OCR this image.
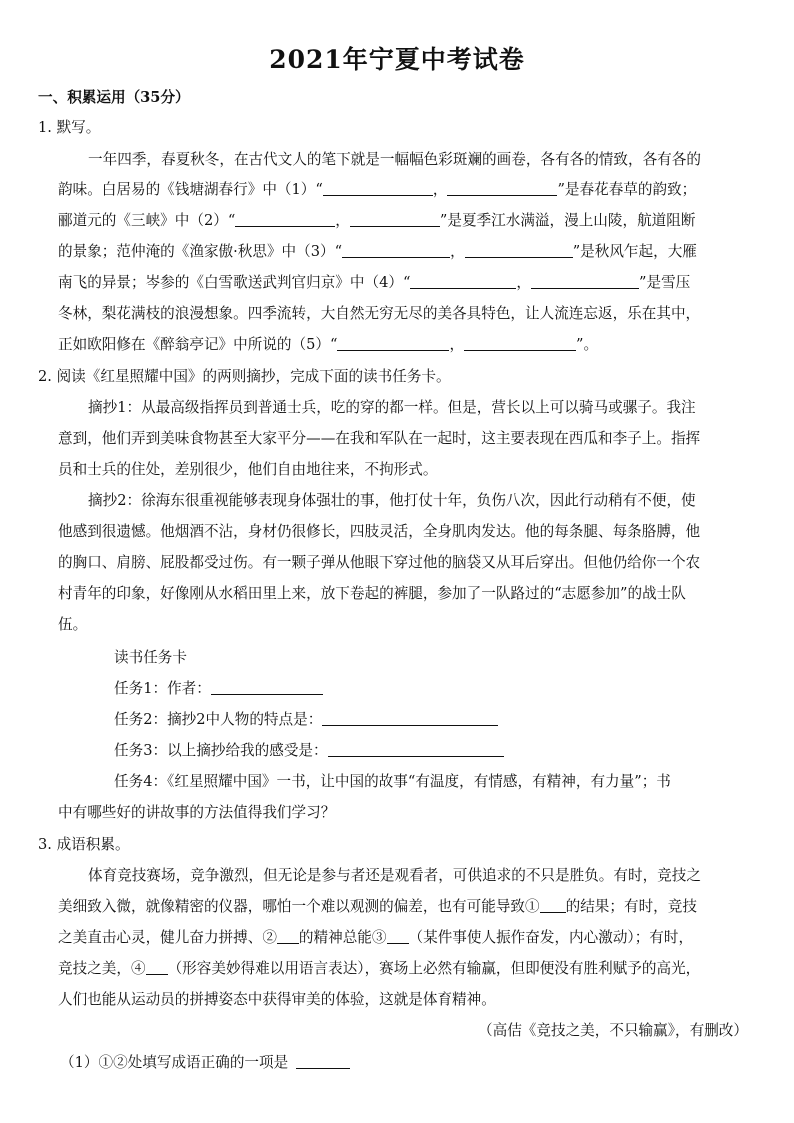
2021年宁夏中考试卷
一、积累运用（35分）
1. 默写。
一年四季，春夏秋冬，在古代文人的笔下就是一幅幅色彩斑斓的画卷，各有各的情致，各有各的
韵味。白居易的《钱塘湖春行》中（1）“	，	”是春花春草的韵致；
郦道元的《三峡》中（2）“	，	”是夏季江水满溢，漫上山陵，航道阻断
的景象；范仲淹的《渔家傲·秋思》中（3）“	，	”是秋风乍起，大雁
南飞的异景；岑参的《白雪歌送武判官归京》中（4）“	，	”是雪压
冬林，梨花满枝的浪漫想象。四季流转，大自然无穷无尽的美各具特色，让人流连忘返，乐在其中，
正如欧阳修在《醉翁亭记》中所说的（5）“	，	”。
2. 阅读《红星照耀中国》的两则摘抄，完成下面的读书任务卡。
摘抄1：从最高级指挥员到普通士兵，吃的穿的都一样。但是，营长以上可以骑马或骡子。我注
意到，他们弄到美味食物甚至大家平分——在我和军队在一起时，这主要表现在西瓜和李子上。指挥
员和士兵的住处，差别很少，他们自由地往来，不拘形式。
摘抄2：徐海东很重视能够表现身体强壮的事，他打仗十年，负伤八次，因此行动稍有不便，使
他感到很遗憾。他烟酒不沾，身材仍很修长，四肢灵活，全身肌肉发达。他的每条腿、每条胳膊，他
的胸口、肩膀、屁股都受过伤。有一颗子弹从他眼下穿过他的脑袋又从耳后穿出。但他仍给你一个农
村青年的印象，好像刚从水稻田里上来，放下卷起的裤腿，参加了一队路过的“志愿参加”的战士队
伍。
读书任务卡
任务1：作者：
任务2：摘抄2中人物的特点是：
任务3：以上摘抄给我的感受是：
任务4：《红星照耀中国》一书，让中国的故事“有温度，有情感，有精神，有力量”；书
中有哪些好的讲故事的方法值得我们学习？
3. 成语积累。
体育竞技赛场，竞争激烈，但无论是参与者还是观看者，可供追求的不只是胜负。有时，竞技之
美细致入微，就像精密的仪器，哪怕一个难以观测的偏差，也有可能导致① 的结果；有时，竞技
之美直击心灵，健儿奋力拼搏、② 的精神总能③ （某件事使人振作奋发，内心激动）；有时，
竞技之美，④ （形容美妙得难以用语言表达），赛场上必然有输赢，但即便没有胜利赋予的高光，
人们也能从运动员的拼搏姿态中获得审美的体验，这就是体育精神。
（高佶《竞技之美，不只输赢》，有删改）
（1）①②处填写成语正确的一项是
